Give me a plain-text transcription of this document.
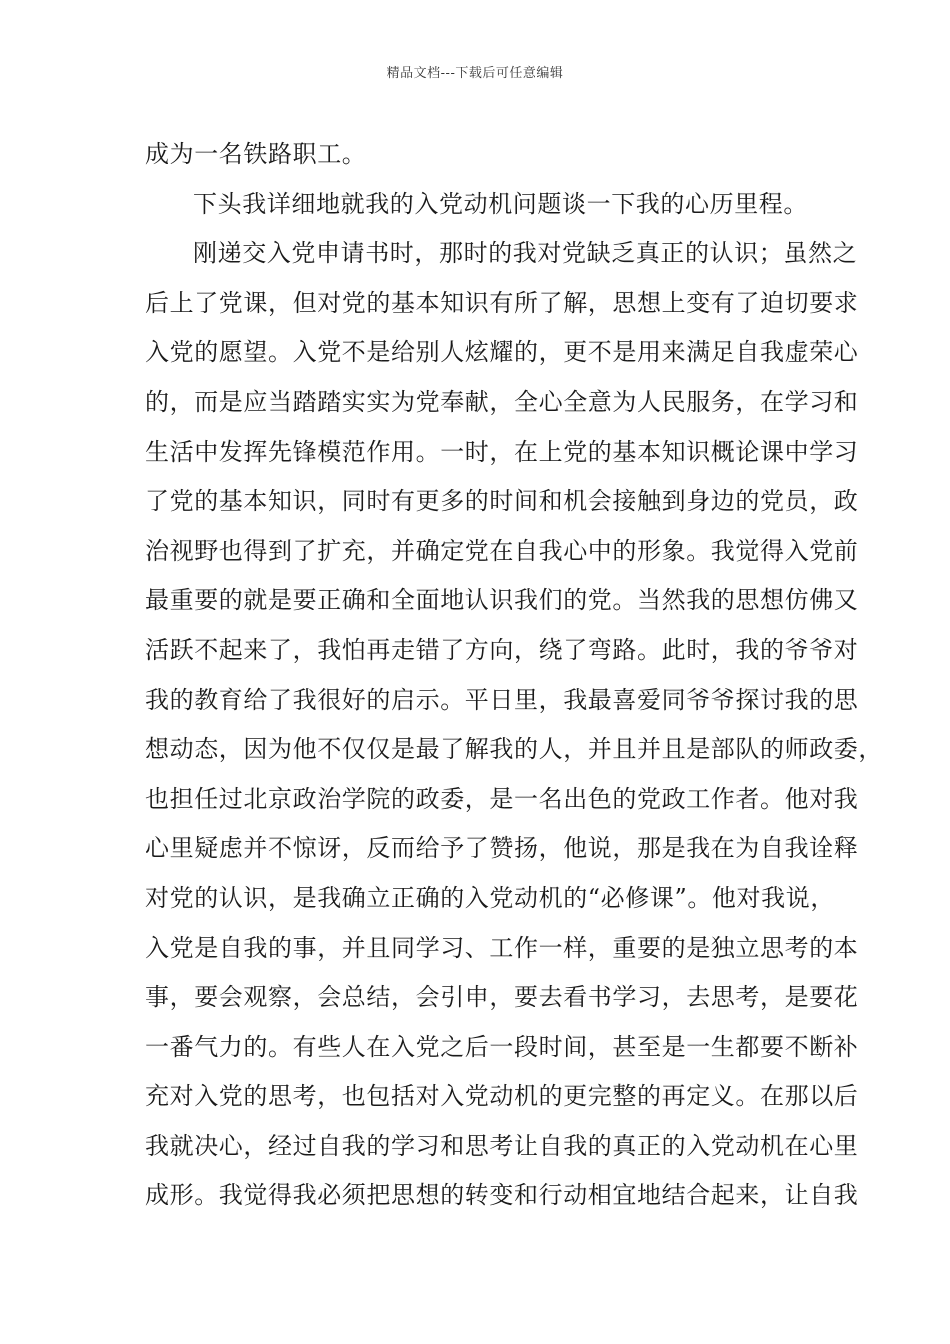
精品文档---下载后可任意编辑
成为一名铁路职工。
下头我详细地就我的入党动机问题谈一下我的心历里程。
刚递交入党申请书时，那时的我对党缺乏真正的认识；虽然之
后上了党课，但对党的基本知识有所了解，思想上变有了迫切要求
入党的愿望。入党不是给别人炫耀的，更不是用来满足自我虚荣心
的，而是应当踏踏实实为党奉献，全心全意为人民服务，在学习和
生活中发挥先锋模范作用。一时，在上党的基本知识概论课中学习
了党的基本知识，同时有更多的时间和机会接触到身边的党员，政
治视野也得到了扩充，并确定党在自我心中的形象。我觉得入党前
最重要的就是要正确和全面地认识我们的党。当然我的思想仿佛又
活跃不起来了，我怕再走错了方向，绕了弯路。此时，我的爷爷对
我的教育给了我很好的启示。平日里，我最喜爱同爷爷探讨我的思
想动态，因为他不仅仅是最了解我的人，并且并且是部队的师政委，
也担任过北京政治学院的政委，是一名出色的党政工作者。他对我
心里疑虑并不惊讶，反而给予了赞扬，他说，那是我在为自我诠释
对党的认识，是我确立正确的入党动机的“必修课”。他对我说，
入党是自我的事，并且同学习、工作一样，重要的是独立思考的本
事，要会观察，会总结，会引申，要去看书学习，去思考，是要花
一番气力的。有些人在入党之后一段时间，甚至是一生都要不断补
充对入党的思考，也包括对入党动机的更完整的再定义。在那以后
我就决心，经过自我的学习和思考让自我的真正的入党动机在心里
成形。我觉得我必须把思想的转变和行动相宜地结合起来，让自我
